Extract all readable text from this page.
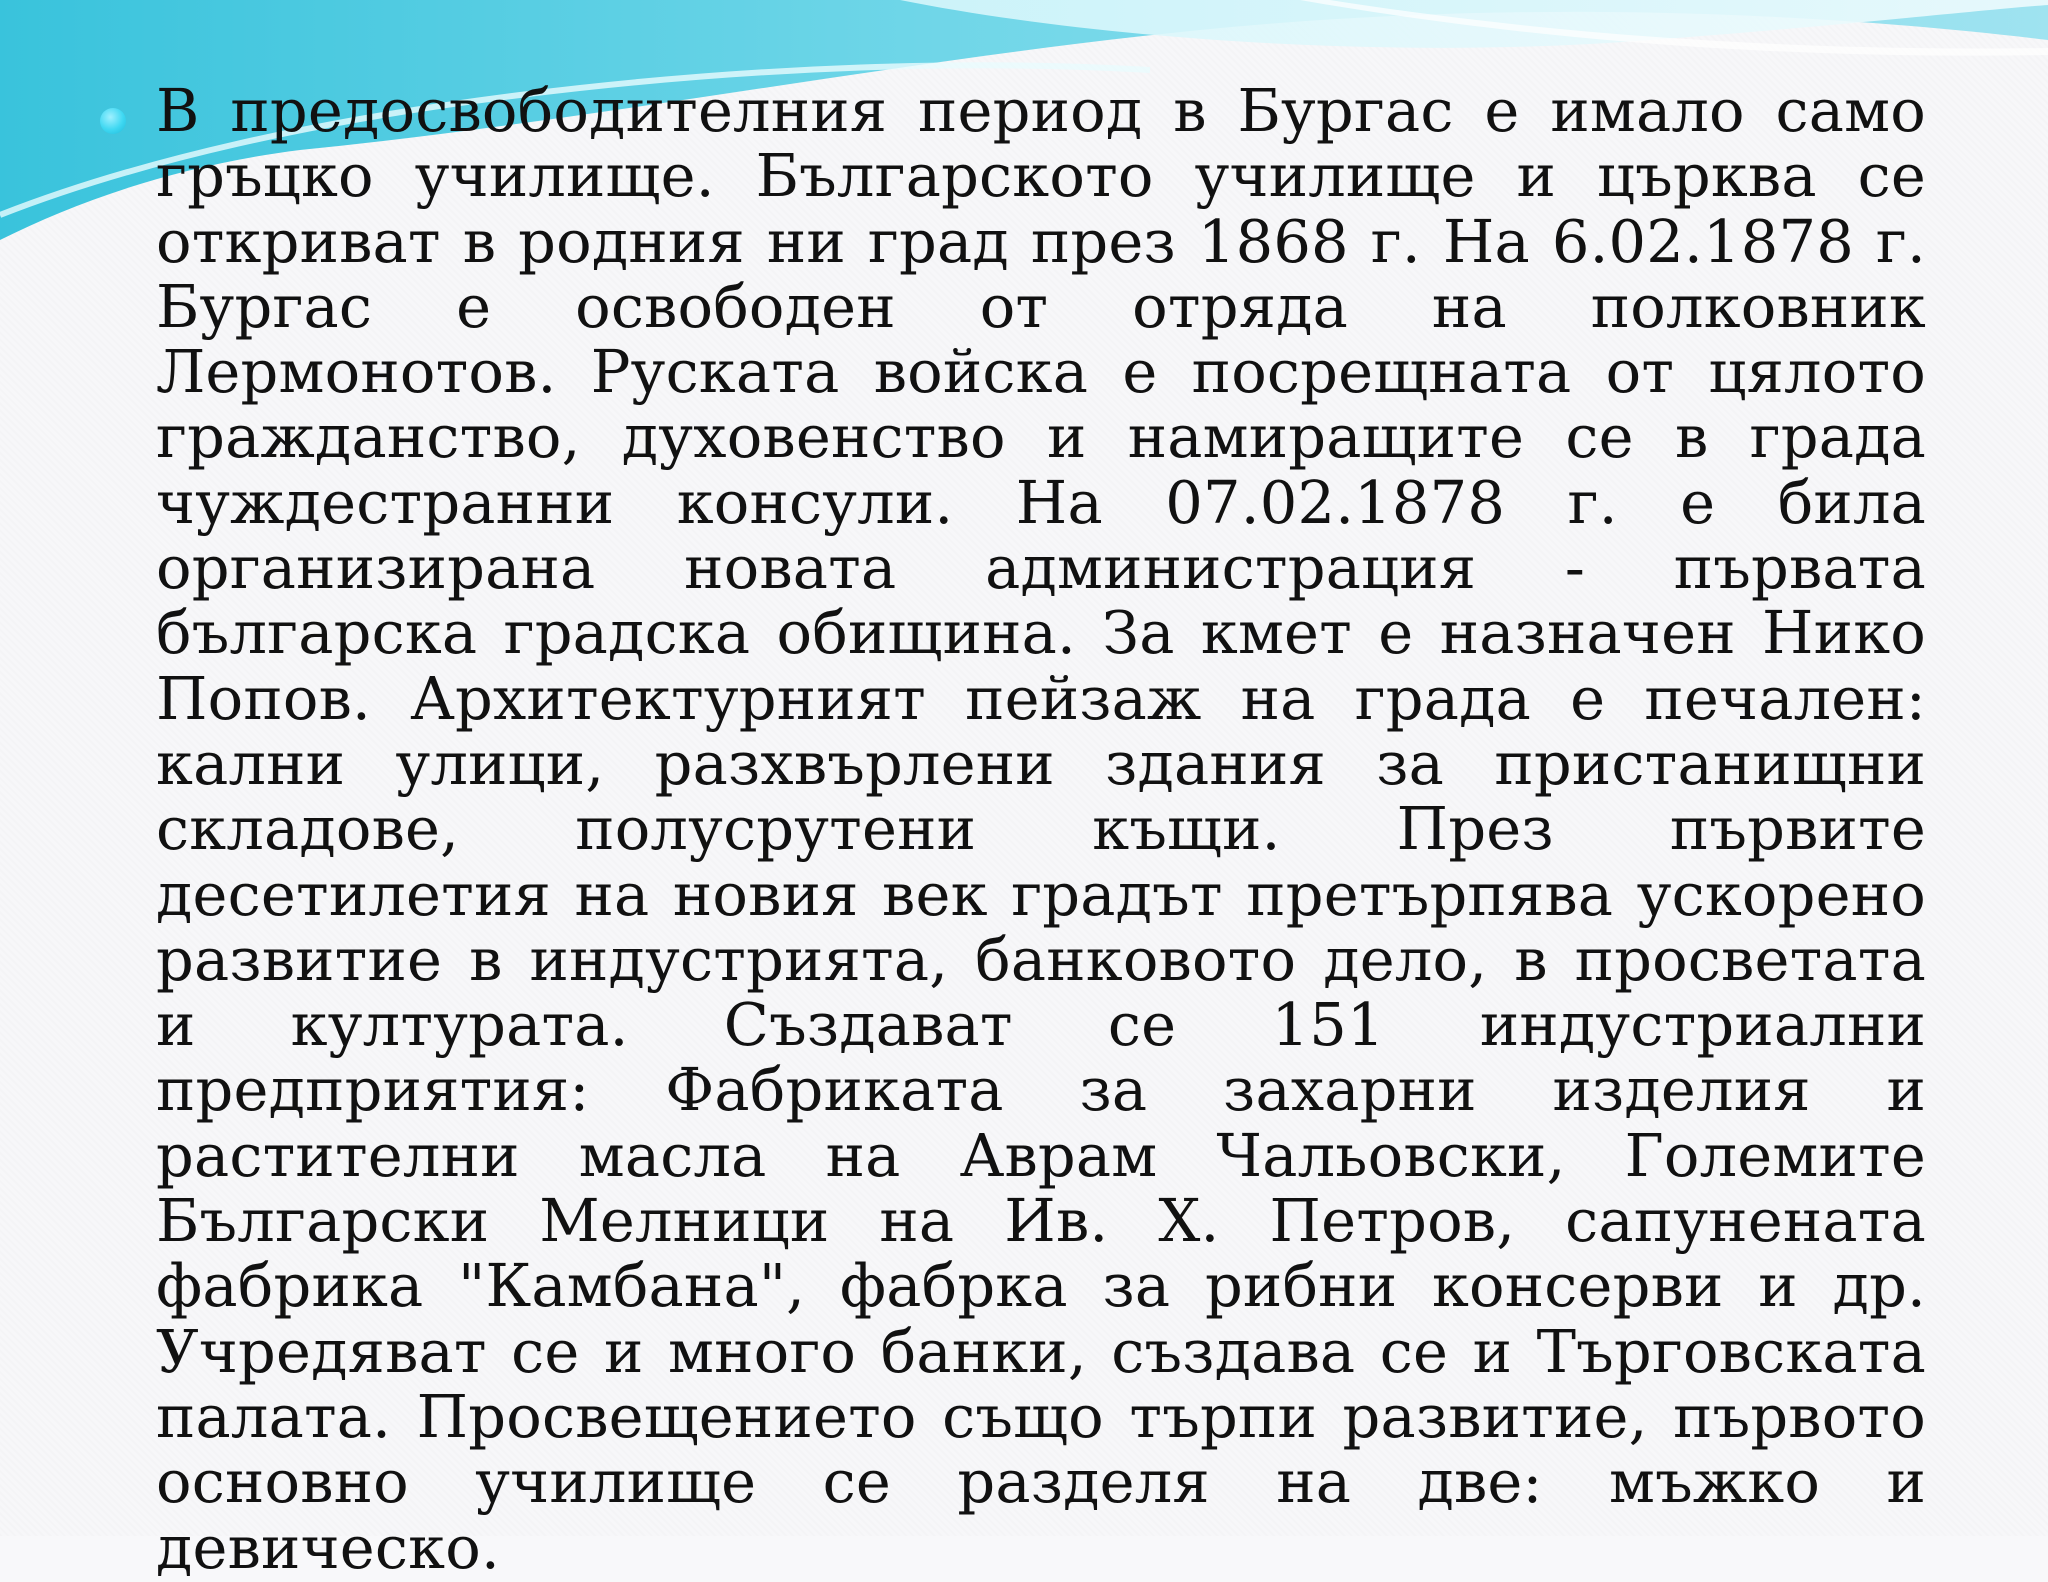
В предосвободителния период в Бургас е имало само гръцко училище. Българското училище и църква се откриват в родния ни град през 1868 г. На 6.02.1878 г. Бургас е освободен от отряда на полковник Лермонотов. Руската войска е посрещната от цялото гражданство, духовенство и намиращите се в града чуждестранни консули. На 07.02.1878 г. е била организирана новата администрация - първата българска градска обищина. За кмет е назначен Нико Попов. Архитектурният пейзаж на града е печален: кални улици, разхвърлени здания за пристанищни складове, полусрутени къщи. През първите десетилетия на новия век градът претърпява ускорено развитие в индустрията, банковото дело, в просветата и културата. Създават се 151 индустриални предприятия: Фабриката за захарни изделия и растителни масла на Аврам Чальовски, Големите Български Мелници на Ив. Х. Петров, сапунената фабрика "Камбана", фабрка за рибни консерви и др. Учредяват се и много банки, създава се и Търговската палата. Просвещението също търпи развитие, първото основно училище се разделя на две: мъжко и девическо.
